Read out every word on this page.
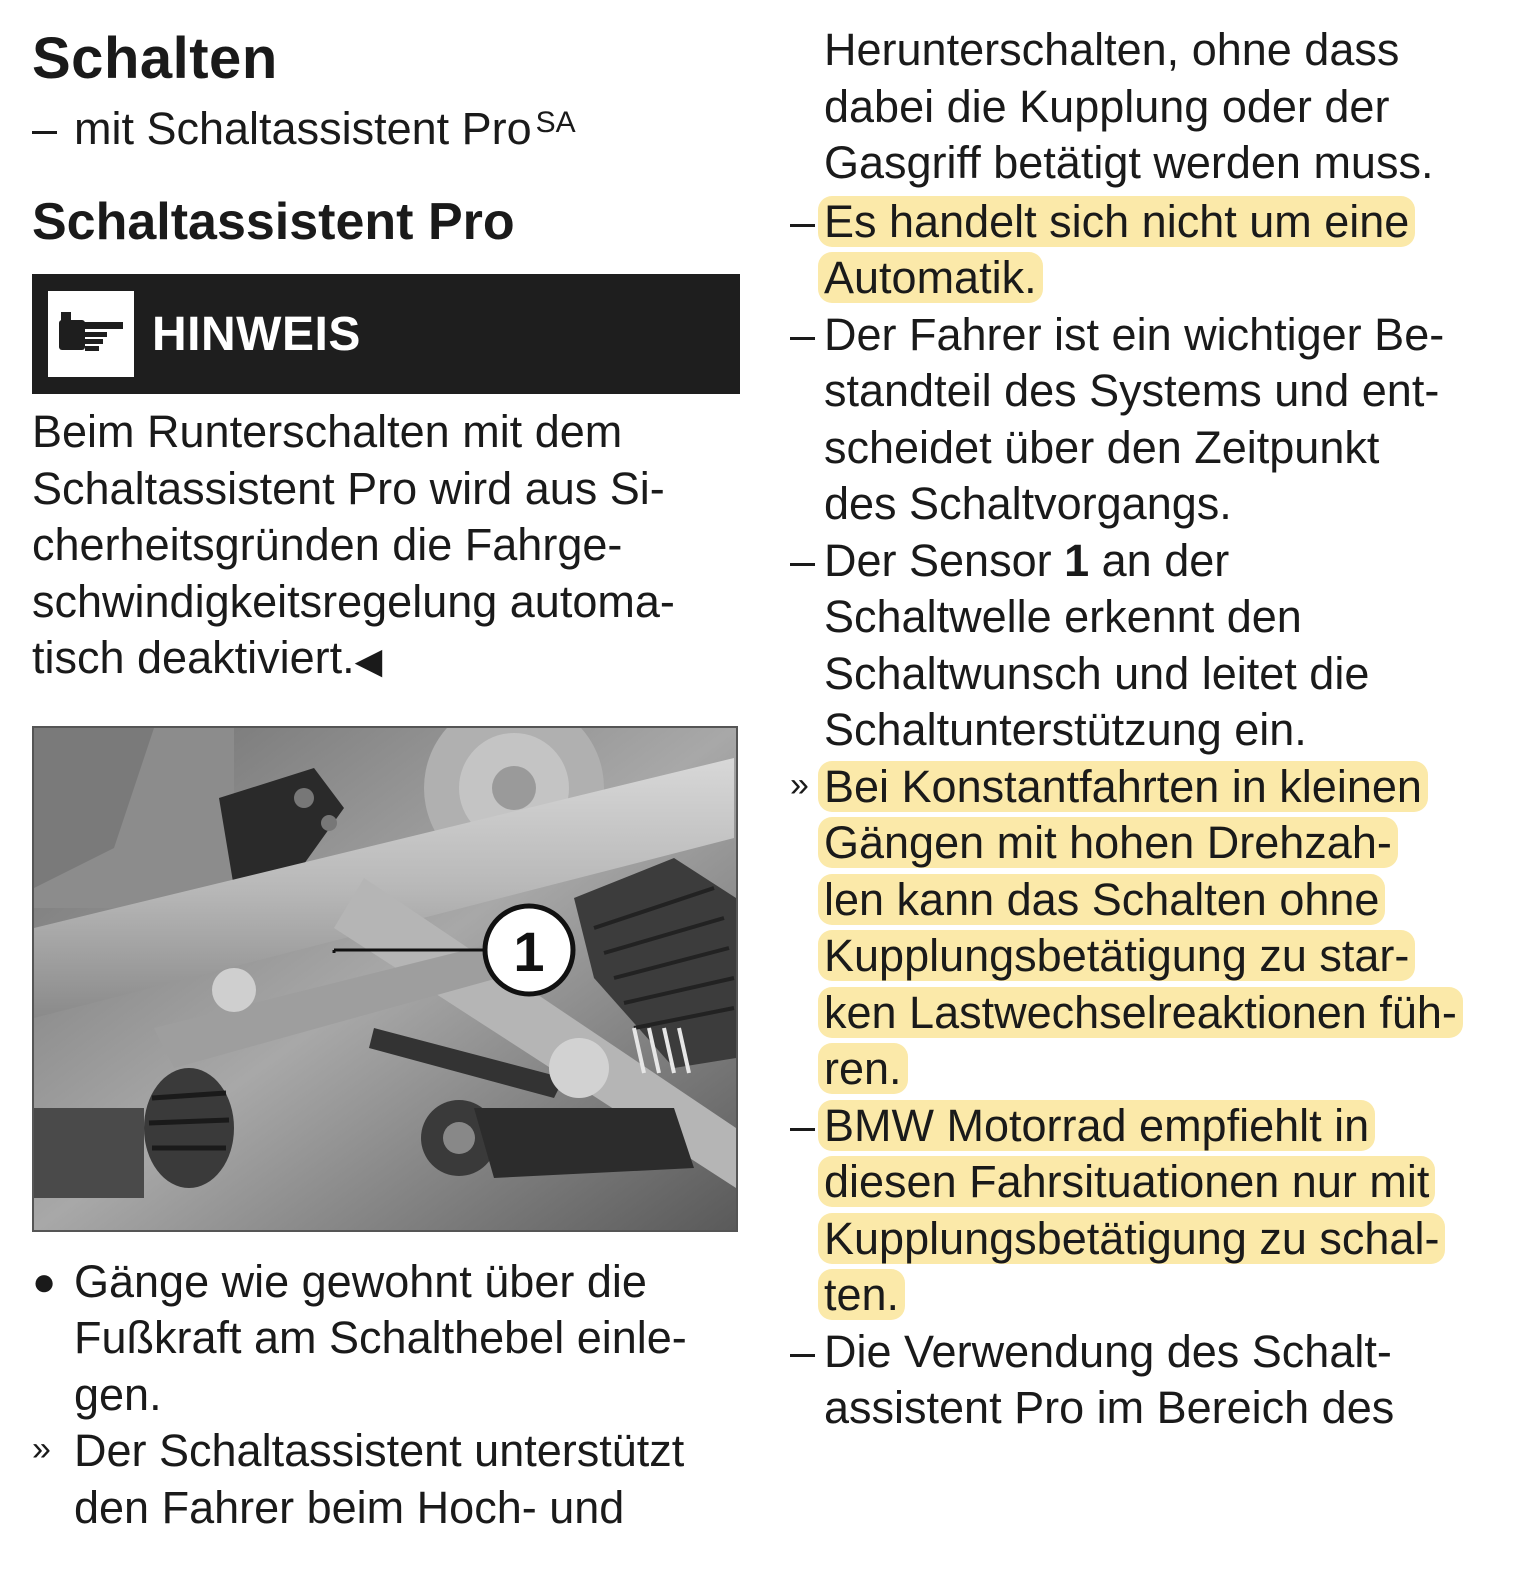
Schalten
– mit Schaltassistent Pro $^{SA}$
Schaltassistent Pro
HINWEIS
Beim Runterschalten mit dem
Schaltassistent Pro wird aus Si-
cherheitsgründen die Fahrge-
schwindigkeitsregelung automa-
tisch deaktiviert.◀
1
● Gänge wie gewohnt über die
Fußkraft am Schalthebel einle-
gen.
» Der Schaltassistent unterstützt
den Fahrer beim Hoch- und
Herunterschalten, ohne dass
dabei die Kupplung oder der
Gasgriff betätigt werden muss.
– Es handelt sich nicht um eine
Automatik.
– Der Fahrer ist ein wichtiger Be-
standteil des Systems und ent-
scheidet über den Zeitpunkt
des Schaltvorgangs.
– Der Sensor 1 an der
Schaltwelle erkennt den
Schaltwunsch und leitet die
Schaltunterstützung ein.
» Bei Konstantfahrten in kleinen
Gängen mit hohen Drehzah-
len kann das Schalten ohne
Kupplungsbetätigung zu star-
ken Lastwechselreaktionen füh-
ren.
– BMW Motorrad empfiehlt in
diesen Fahrsituationen nur mit
Kupplungsbetätigung zu schal-
ten.
– Die Verwendung des Schalt-
assistent Pro im Bereich des
